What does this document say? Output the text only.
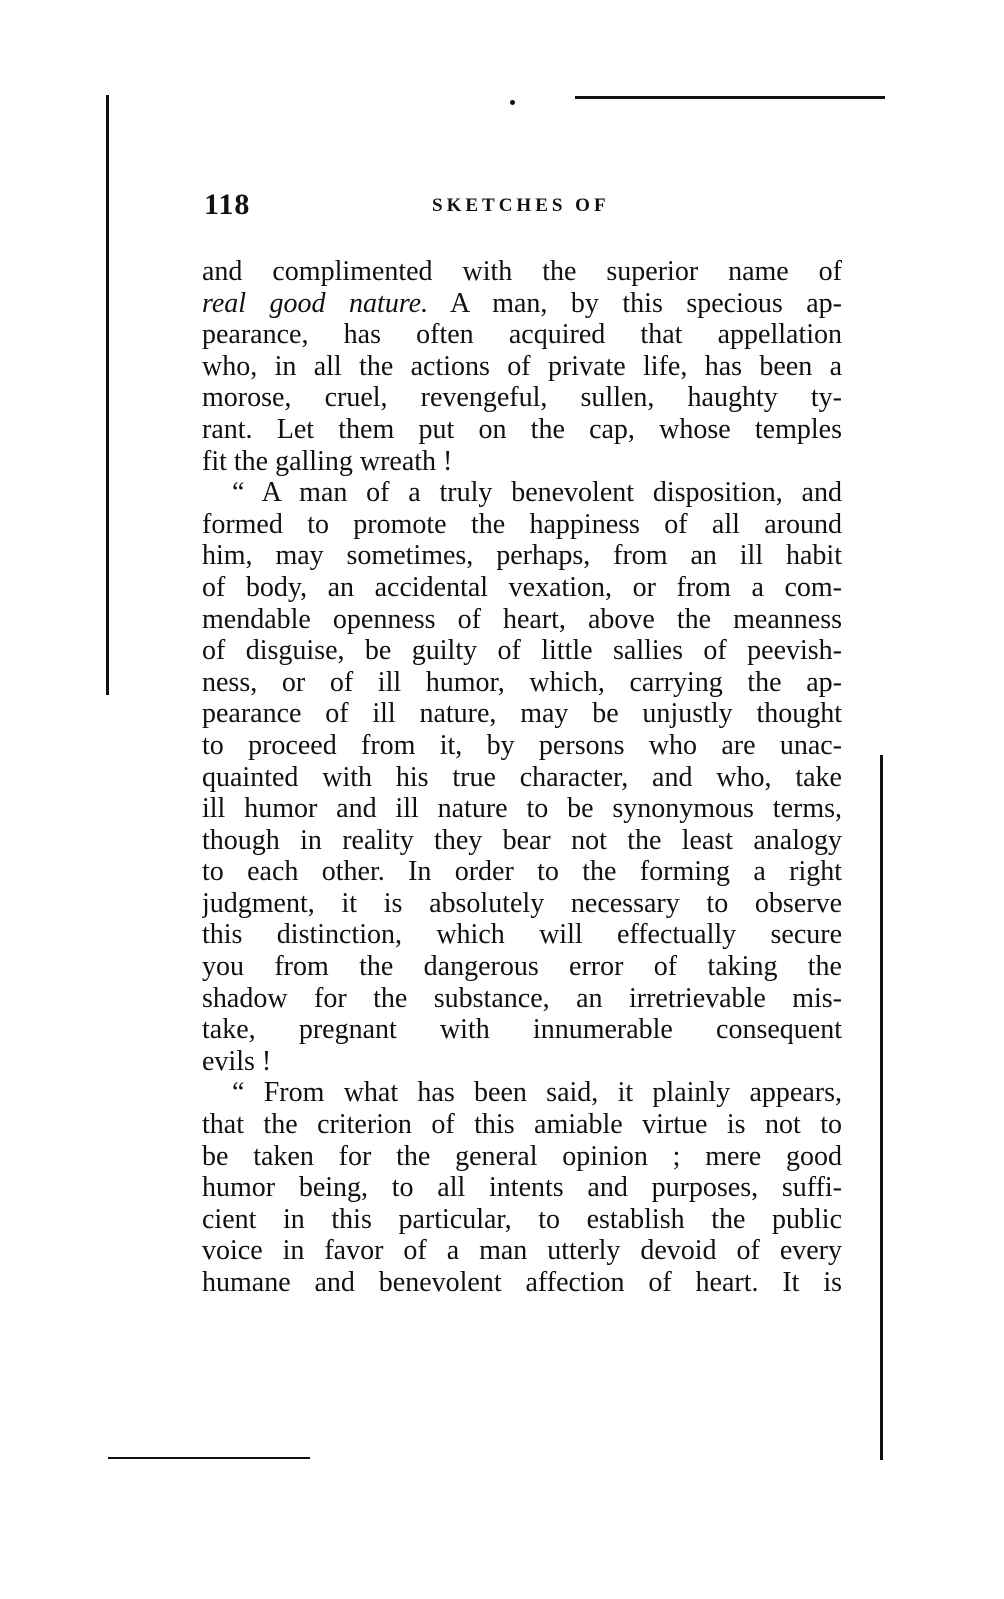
118	SKETCHES OF
and complimented with the superior name of
real good nature. A man, by this specious ap-
pearance, has often acquired that appellation
who, in all the actions of private life, has been a
morose, cruel, revengeful, sullen, haughty ty-
rant. Let them put on the cap, whose temples
fit the galling wreath !
“ A man of a truly benevolent disposition, and
formed to promote the happiness of all around
him, may sometimes, perhaps, from an ill habit
of body, an accidental vexation, or from a com-
mendable openness of heart, above the meanness
of disguise, be guilty of little sallies of peevish-
ness, or of ill humor, which, carrying the ap-
pearance of ill nature, may be unjustly thought
to proceed from it, by persons who are unac-
quainted with his true character, and who, take
ill humor and ill nature to be synonymous terms,
though in reality they bear not the least analogy
to each other. In order to the forming a right
judgment, it is absolutely necessary to observe
this distinction, which will effectually secure
you from the dangerous error of taking the
shadow for the substance, an irretrievable mis-
take, pregnant with innumerable consequent
evils !
“ From what has been said, it plainly appears,
that the criterion of this amiable virtue is not to
be taken for the general opinion ; mere good
humor being, to all intents and purposes, suffi-
cient in this particular, to establish the public
voice in favor of a man utterly devoid of every
humane and benevolent affection of heart. It is
